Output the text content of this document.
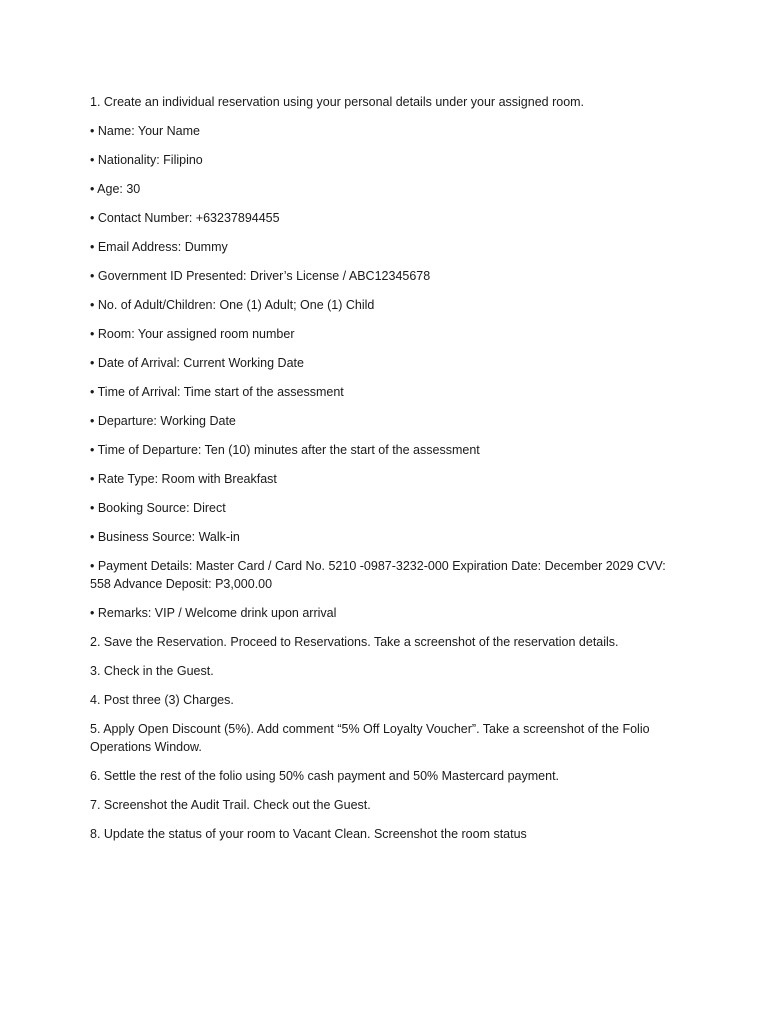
1. Create an individual reservation using your personal details under your assigned room.

• Name: Your Name

• Nationality: Filipino

• Age: 30

• Contact Number: +63237894455

• Email Address: Dummy

• Government ID Presented: Driver’s License / ABC12345678

• No. of Adult/Children: One (1) Adult; One (1) Child

• Room: Your assigned room number

• Date of Arrival: Current Working Date

• Time of Arrival: Time start of the assessment

• Departure: Working Date

• Time of Departure: Ten (10) minutes after the start of the assessment

• Rate Type: Room with Breakfast

• Booking Source: Direct

• Business Source: Walk-in

• Payment Details: Master Card / Card No. 5210 -0987-3232-000 Expiration Date: December 2029 CVV: 558 Advance Deposit: P3,000.00

• Remarks: VIP / Welcome drink upon arrival

2. Save the Reservation. Proceed to Reservations. Take a screenshot of the reservation details.

3. Check in the Guest.

4. Post three (3) Charges.

5. Apply Open Discount (5%). Add comment “5% Off Loyalty Voucher”. Take a screenshot of the Folio Operations Window.

6. Settle the rest of the folio using 50% cash payment and 50% Mastercard payment.

7. Screenshot the Audit Trail. Check out the Guest.

8. Update the status of your room to Vacant Clean. Screenshot the room status
